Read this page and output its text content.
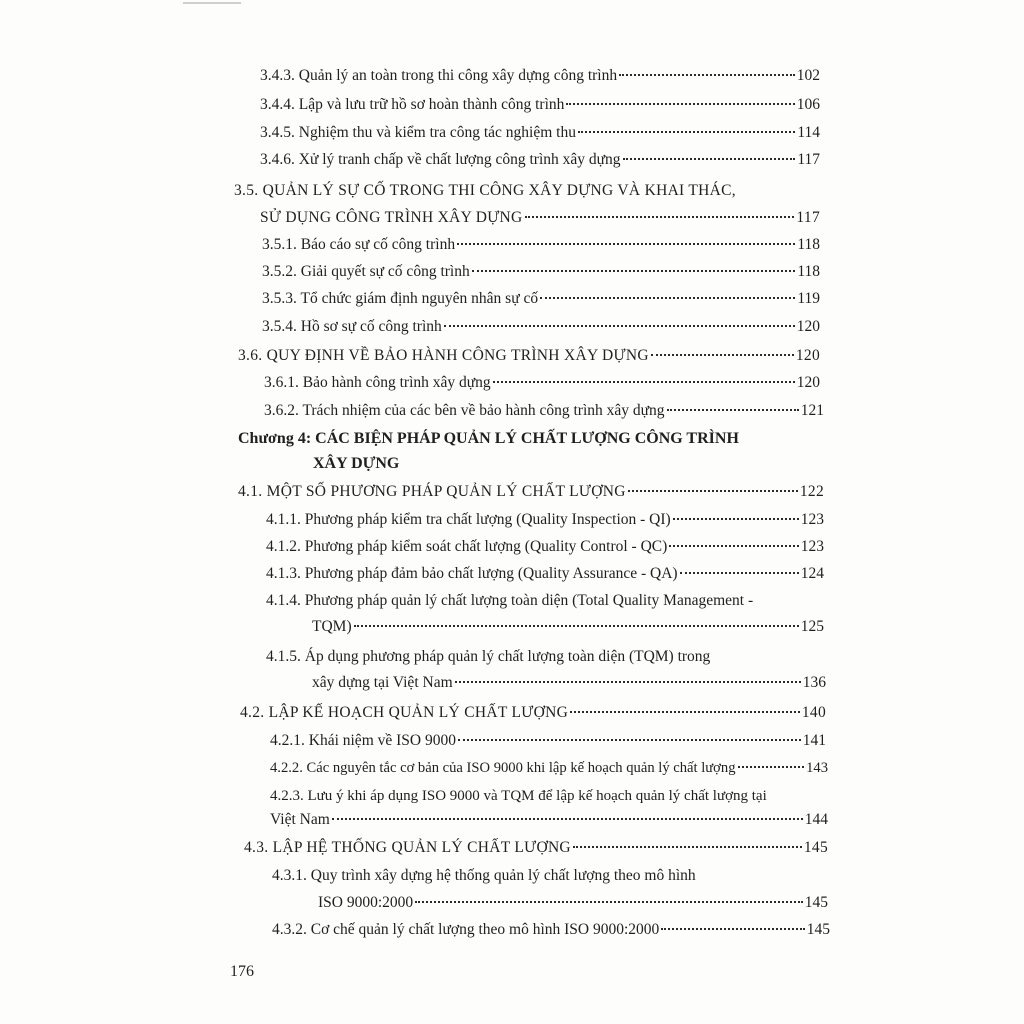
3.4.3. Quản lý an toàn trong thi công xây dựng công trình	102
3.4.4. Lập và lưu trữ hồ sơ hoàn thành công trình	106
3.4.5. Nghiệm thu và kiểm tra công tác nghiệm thu	114
3.4.6. Xử lý tranh chấp về chất lượng công trình xây dựng	117
3.5. QUẢN LÝ SỰ CỐ TRONG THI CÔNG XÂY DỰNG VÀ KHAI THÁC,
SỬ DỤNG CÔNG TRÌNH XÂY DỰNG	117
3.5.1. Báo cáo sự cố công trình	118
3.5.2. Giải quyết sự cố công trình	118
3.5.3. Tổ chức giám định nguyên nhân sự cố	119
3.5.4. Hồ sơ sự cố công trình	120
3.6. QUY ĐỊNH VỀ BẢO HÀNH CÔNG TRÌNH XÂY DỰNG	120
3.6.1. Bảo hành công trình xây dựng	120
3.6.2. Trách nhiệm của các bên về bảo hành công trình xây dựng	121
Chương 4: CÁC BIỆN PHÁP QUẢN LÝ CHẤT LƯỢNG CÔNG TRÌNH
XÂY DỰNG
4.1. MỘT SỐ PHƯƠNG PHÁP QUẢN LÝ CHẤT LƯỢNG	122
4.1.1. Phương pháp kiểm tra chất lượng (Quality Inspection - QI)	123
4.1.2. Phương pháp kiểm soát chất lượng (Quality Control - QC)	123
4.1.3. Phương pháp đảm bảo chất lượng (Quality Assurance - QA)	124
4.1.4. Phương pháp quản lý chất lượng toàn diện (Total Quality Management -
TQM)	125
4.1.5. Áp dụng phương pháp quản lý chất lượng toàn diện (TQM) trong
xây dựng tại Việt Nam	136
4.2. LẬP KẾ HOẠCH QUẢN LÝ CHẤT LƯỢNG	140
4.2.1. Khái niệm về ISO 9000	141
4.2.2. Các nguyên tắc cơ bản của ISO 9000 khi lập kế hoạch quản lý chất lượng	143
4.2.3. Lưu ý khi áp dụng ISO 9000 và TQM để lập kế hoạch quản lý chất lượng tại
Việt Nam	144
4.3. LẬP HỆ THỐNG QUẢN LÝ CHẤT LƯỢNG	145
4.3.1. Quy trình xây dựng hệ thống quản lý chất lượng theo mô hình
ISO 9000:2000	145
4.3.2. Cơ chế quản lý chất lượng theo mô hình ISO 9000:2000	145
176
